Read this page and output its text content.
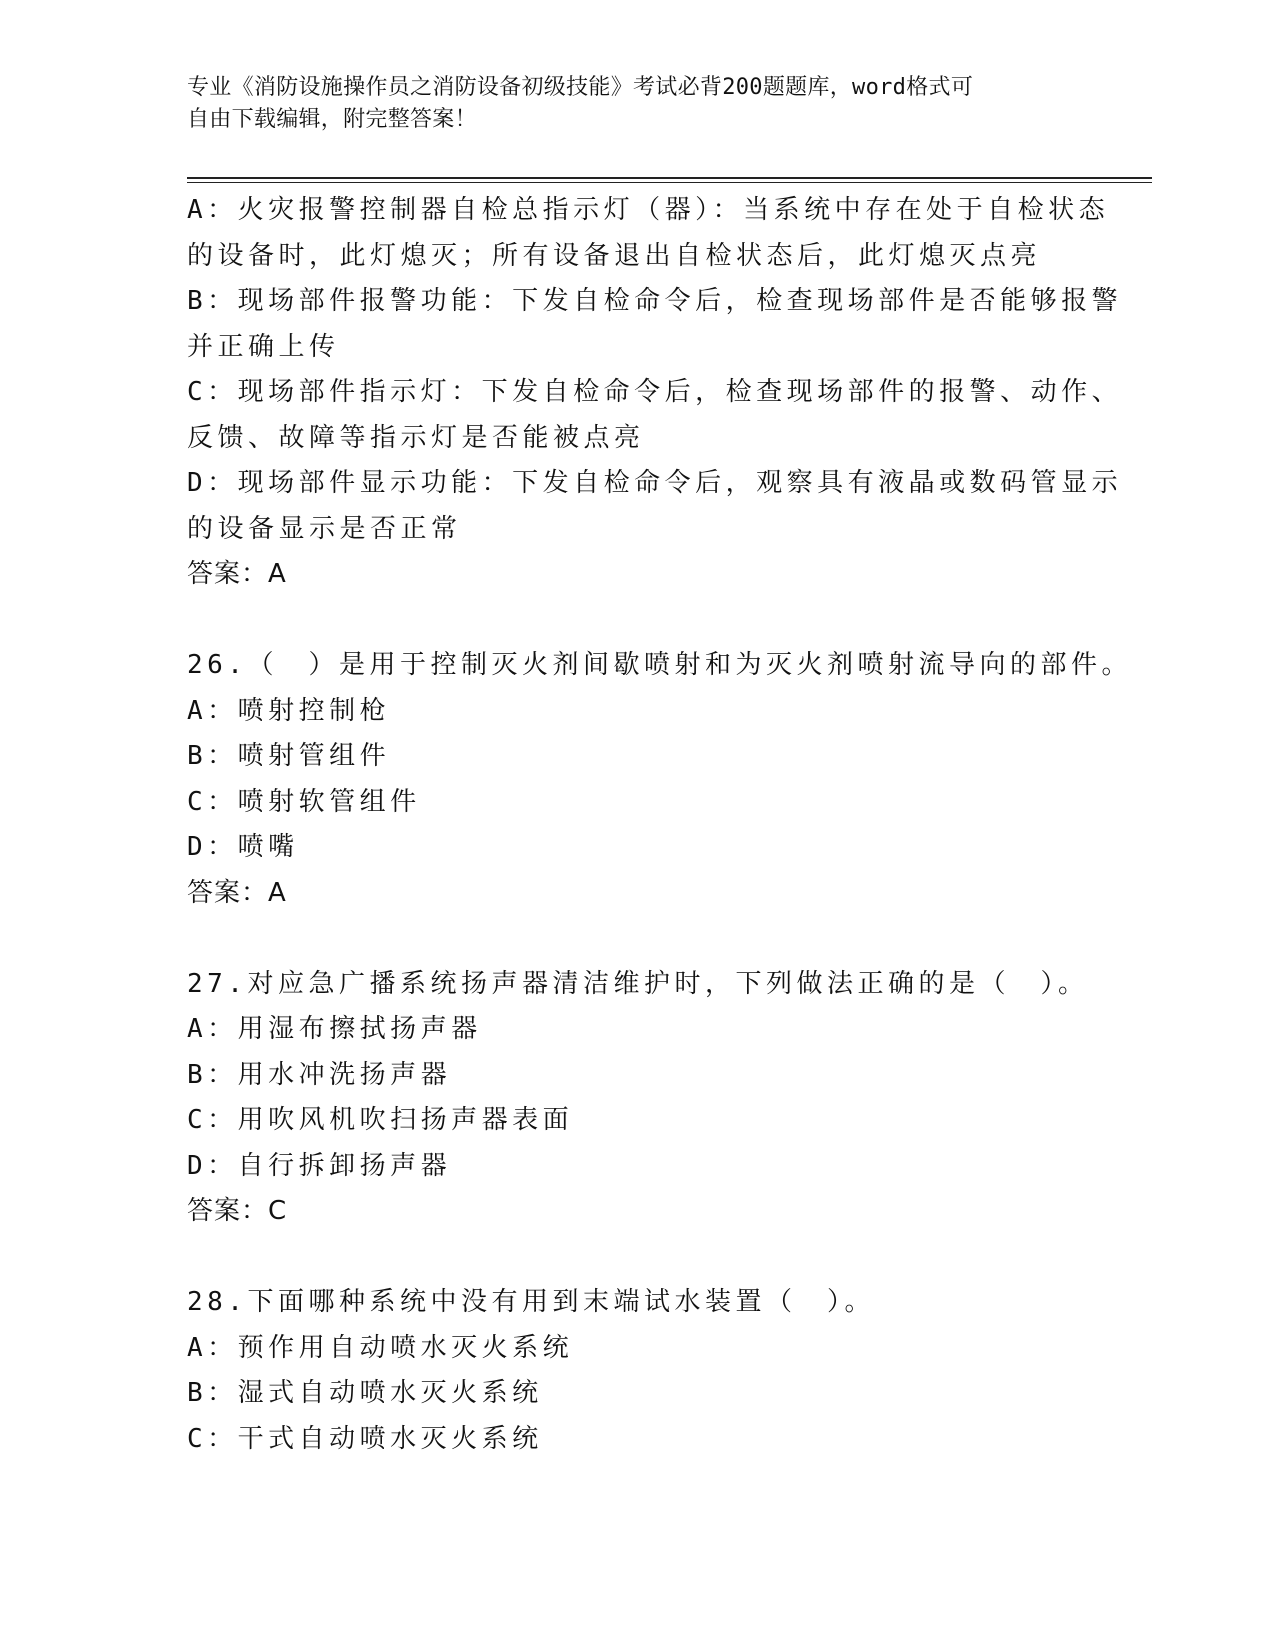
专业《消防设施操作员之消防设备初级技能》考试必背200题题库，word格式可
自由下载编辑，附完整答案！
A：火灾报警控制器自检总指示灯（器）：当系统中存在处于自检状态
的设备时，此灯熄灭；所有设备退出自检状态后，此灯熄灭点亮
B：现场部件报警功能：下发自检命令后，检查现场部件是否能够报警
并正确上传
C：现场部件指示灯：下发自检命令后，检查现场部件的报警、动作、
反馈、故障等指示灯是否能被点亮
D：现场部件显示功能：下发自检命令后，观察具有液晶或数码管显示
的设备显示是否正常
答案：A
26.（　）是用于控制灭火剂间歇喷射和为灭火剂喷射流导向的部件。
A：喷射控制枪
B：喷射管组件
C：喷射软管组件
D：喷嘴
答案：A
27.对应急广播系统扬声器清洁维护时，下列做法正确的是（　）。
A：用湿布擦拭扬声器
B：用水冲洗扬声器
C：用吹风机吹扫扬声器表面
D：自行拆卸扬声器
答案：C
28.下面哪种系统中没有用到末端试水装置（　）。
A：预作用自动喷水灭火系统
B：湿式自动喷水灭火系统
C：干式自动喷水灭火系统
